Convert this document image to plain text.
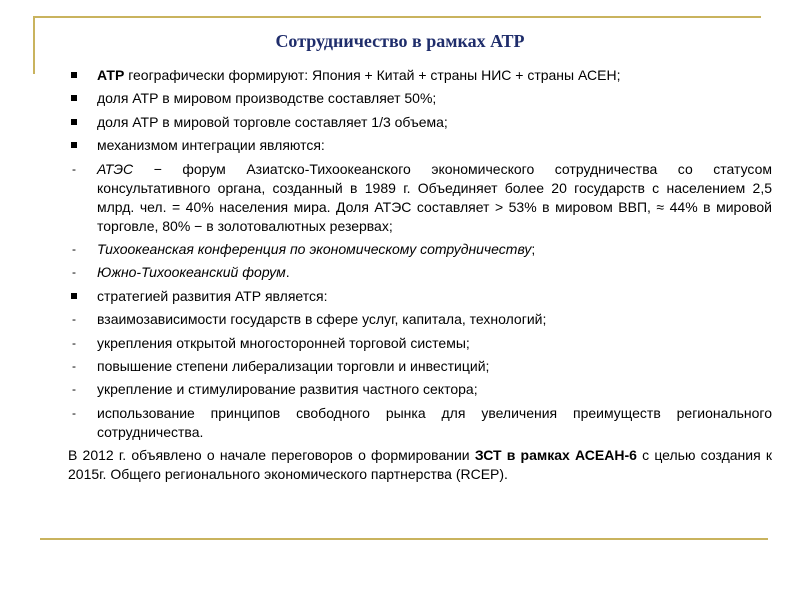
Сотрудничество в рамках АТР
АТР географически формируют: Япония + Китай + страны НИС + страны АСЕН;
доля АТР в мировом производстве составляет 50%;
доля АТР в мировой торговле составляет 1/3 объема;
механизмом интеграции являются:
- АТЭС − форум Азиатско-Тихоокеанского экономического сотрудничества со статусом консультативного органа, созданный в 1989 г. Объединяет более 20 государств с населением 2,5 млрд. чел. = 40% населения мира. Доля АТЭС составляет > 53% в мировом ВВП, ≈ 44% в мировой торговле, 80% − в золотовалютных резервах;
- Тихоокеанская конференция по экономическому сотрудничеству;
- Южно-Тихоокеанский форум.
стратегией развития АТР является:
- взаимозависимости государств в сфере услуг, капитала, технологий;
- укрепления открытой многосторонней торговой системы;
- повышение степени либерализации торговли и инвестиций;
- укрепление и стимулирование развития частного сектора;
- использование принципов свободного рынка для увеличения преимуществ регионального сотрудничества.
В 2012 г. объявлено о начале переговоров о формировании ЗСТ в рамках АСЕАН-6 с целью создания к 2015г. Общего регионального экономического партнерства (RCEP).
